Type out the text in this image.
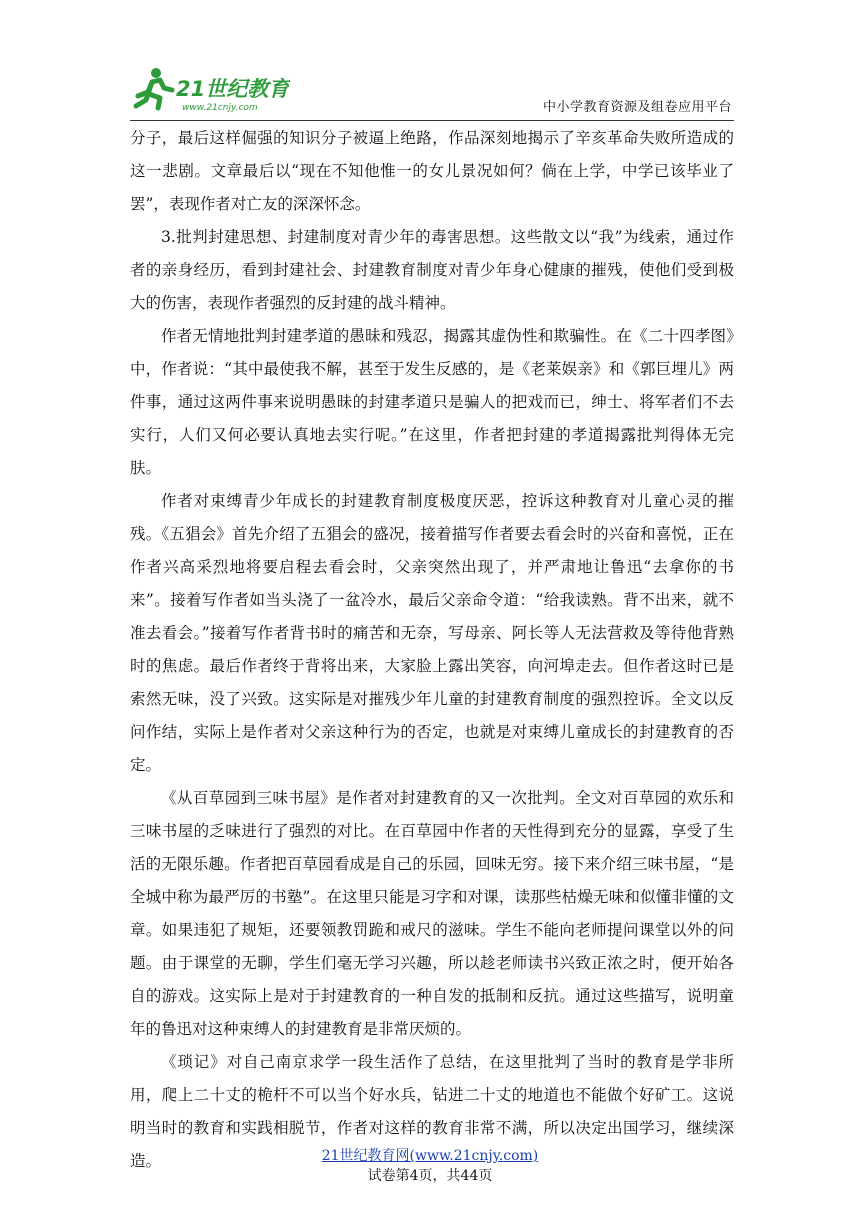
21世纪教育
www.21cnjy.com	中小学教育资源及组卷应用平台

分子，最后这样倔强的知识分子被逼上绝路，作品深刻地揭示了辛亥革命失败所造成的这一悲剧。文章最后以“现在不知他惟一的女儿景况如何？倘在上学，中学已该毕业了罢”，表现作者对亡友的深深怀念。

3.批判封建思想、封建制度对青少年的毒害思想。这些散文以“我”为线索，通过作者的亲身经历，看到封建社会、封建教育制度对青少年身心健康的摧残，使他们受到极大的伤害，表现作者强烈的反封建的战斗精神。

作者无情地批判封建孝道的愚昧和残忍，揭露其虚伪性和欺骗性。在《二十四孝图》中，作者说：“其中最使我不解，甚至于发生反感的，是《老莱娱亲》和《郭巨埋儿》两件事，通过这两件事来说明愚昧的封建孝道只是骗人的把戏而已，绅士、将军者们不去实行，人们又何必要认真地去实行呢。”在这里，作者把封建的孝道揭露批判得体无完肤。

作者对束缚青少年成长的封建教育制度极度厌恶，控诉这种教育对儿童心灵的摧残。《五猖会》首先介绍了五猖会的盛况，接着描写作者要去看会时的兴奋和喜悦，正在作者兴高采烈地将要启程去看会时，父亲突然出现了，并严肃地让鲁迅“去拿你的书来”。接着写作者如当头浇了一盆冷水，最后父亲命令道：“给我读熟。背不出来，就不准去看会。”接着写作者背书时的痛苦和无奈，写母亲、阿长等人无法营救及等待他背熟时的焦虑。最后作者终于背将出来，大家脸上露出笑容，向河埠走去。但作者这时已是索然无味，没了兴致。这实际是对摧残少年儿童的封建教育制度的强烈控诉。全文以反问作结，实际上是作者对父亲这种行为的否定，也就是对束缚儿童成长的封建教育的否定。

《从百草园到三味书屋》是作者对封建教育的又一次批判。全文对百草园的欢乐和三味书屋的乏味进行了强烈的对比。在百草园中作者的天性得到充分的显露，享受了生活的无限乐趣。作者把百草园看成是自己的乐园，回味无穷。接下来介绍三味书屋，“是全城中称为最严厉的书塾”。在这里只能是习字和对课，读那些枯燥无味和似懂非懂的文章。如果违犯了规矩，还要领教罚跪和戒尺的滋味。学生不能向老师提问课堂以外的问题。由于课堂的无聊，学生们毫无学习兴趣，所以趁老师读书兴致正浓之时，便开始各自的游戏。这实际上是对于封建教育的一种自发的抵制和反抗。通过这些描写，说明童年的鲁迅对这种束缚人的封建教育是非常厌烦的。

《琐记》对自己南京求学一段生活作了总结，在这里批判了当时的教育是学非所用，爬上二十丈的桅杆不可以当个好水兵，钻进二十丈的地道也不能做个好矿工。这说明当时的教育和实践相脱节，作者对这样的教育非常不满，所以决定出国学习，继续深造。	21世纪教育网(www.21cnjy.com)
试卷第4页，共44页
